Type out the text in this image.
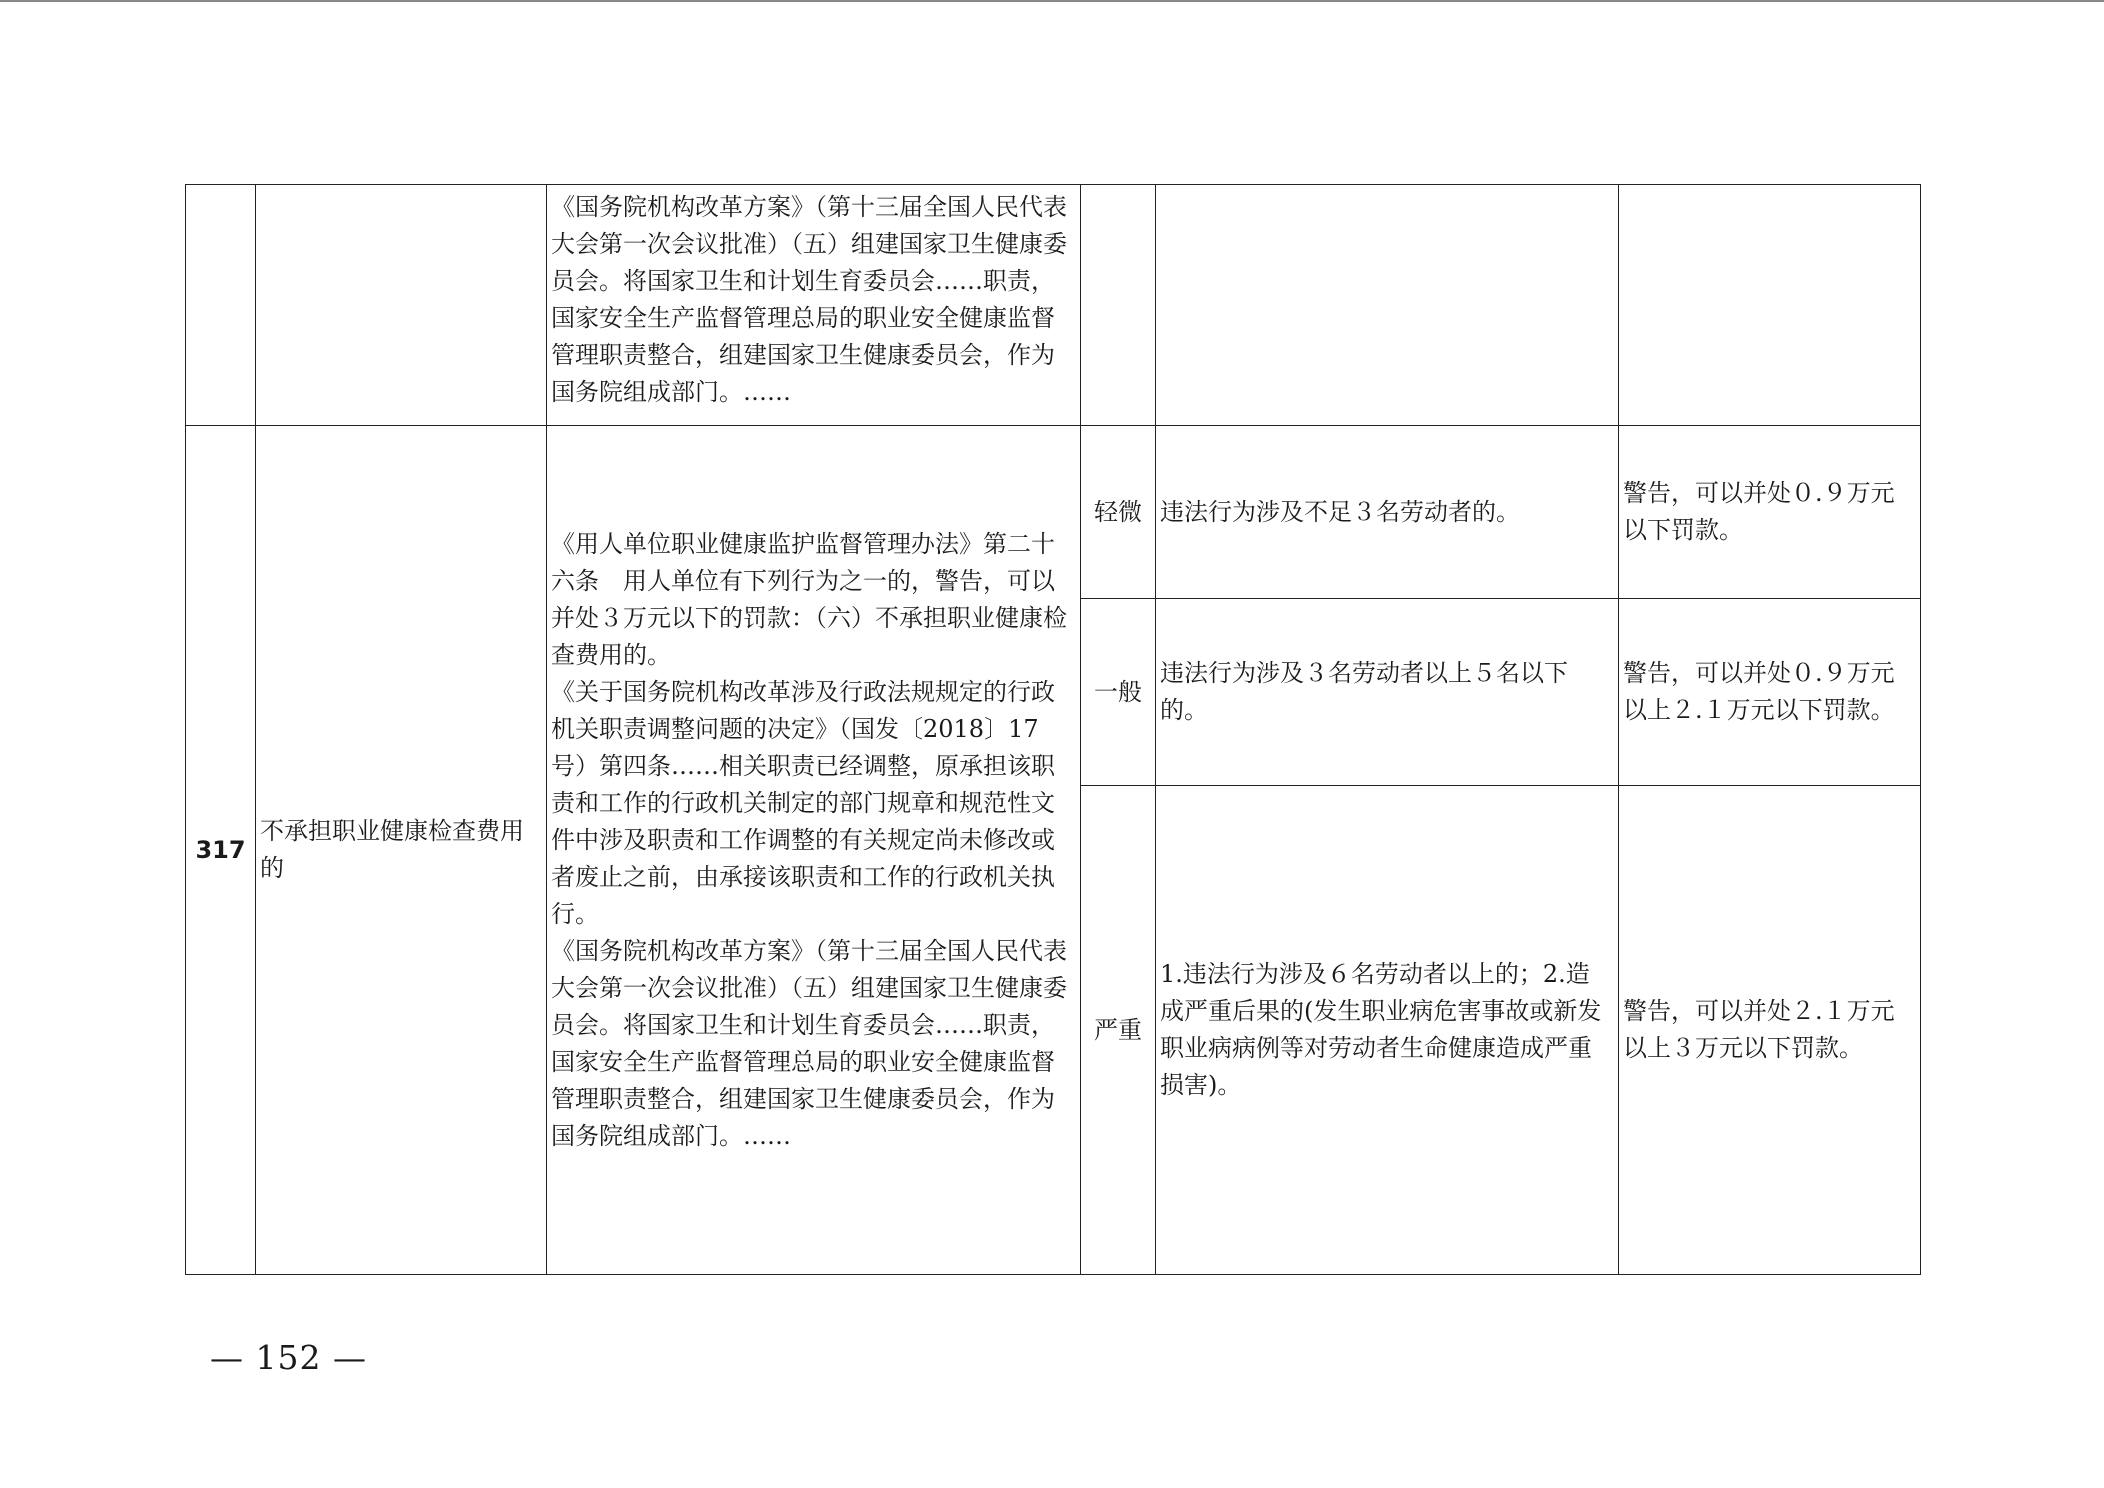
		《国务院机构改革方案》（第十三届全国人民代表大会第一次会议批准）（五）组建国家卫生健康委员会。将国家卫生和计划生育委员会……职责，国家安全生产监督管理总局的职业安全健康监督管理职责整合，组建国家卫生健康委员会，作为国务院组成部门。……			
317	不承担职业健康检查费用的	《用人单位职业健康监护监督管理办法》第二十六条　用人单位有下列行为之一的，警告，可以并处３万元以下的罚款：（六）不承担职业健康检查费用的。
《关于国务院机构改革涉及行政法规规定的行政机关职责调整问题的决定》（国发〔2018〕17号）第四条……相关职责已经调整，原承担该职责和工作的行政机关制定的部门规章和规范性文件中涉及职责和工作调整的有关规定尚未修改或者废止之前，由承接该职责和工作的行政机关执行。
《国务院机构改革方案》（第十三届全国人民代表大会第一次会议批准）（五）组建国家卫生健康委员会。将国家卫生和计划生育委员会……职责，国家安全生产监督管理总局的职业安全健康监督管理职责整合，组建国家卫生健康委员会，作为国务院组成部门。……	轻微	违法行为涉及不足３名劳动者的。	警告，可以并处０.９万元以下罚款。
			一般	违法行为涉及３名劳动者以上５名以下的。	警告，可以并处０.９万元以上２.１万元以下罚款。
			严重	1.违法行为涉及６名劳动者以上的；2.造成严重后果的(发生职业病危害事故或新发职业病病例等对劳动者生命健康造成严重损害)。	警告，可以并处２.１万元以上３万元以下罚款。
— 152 —
